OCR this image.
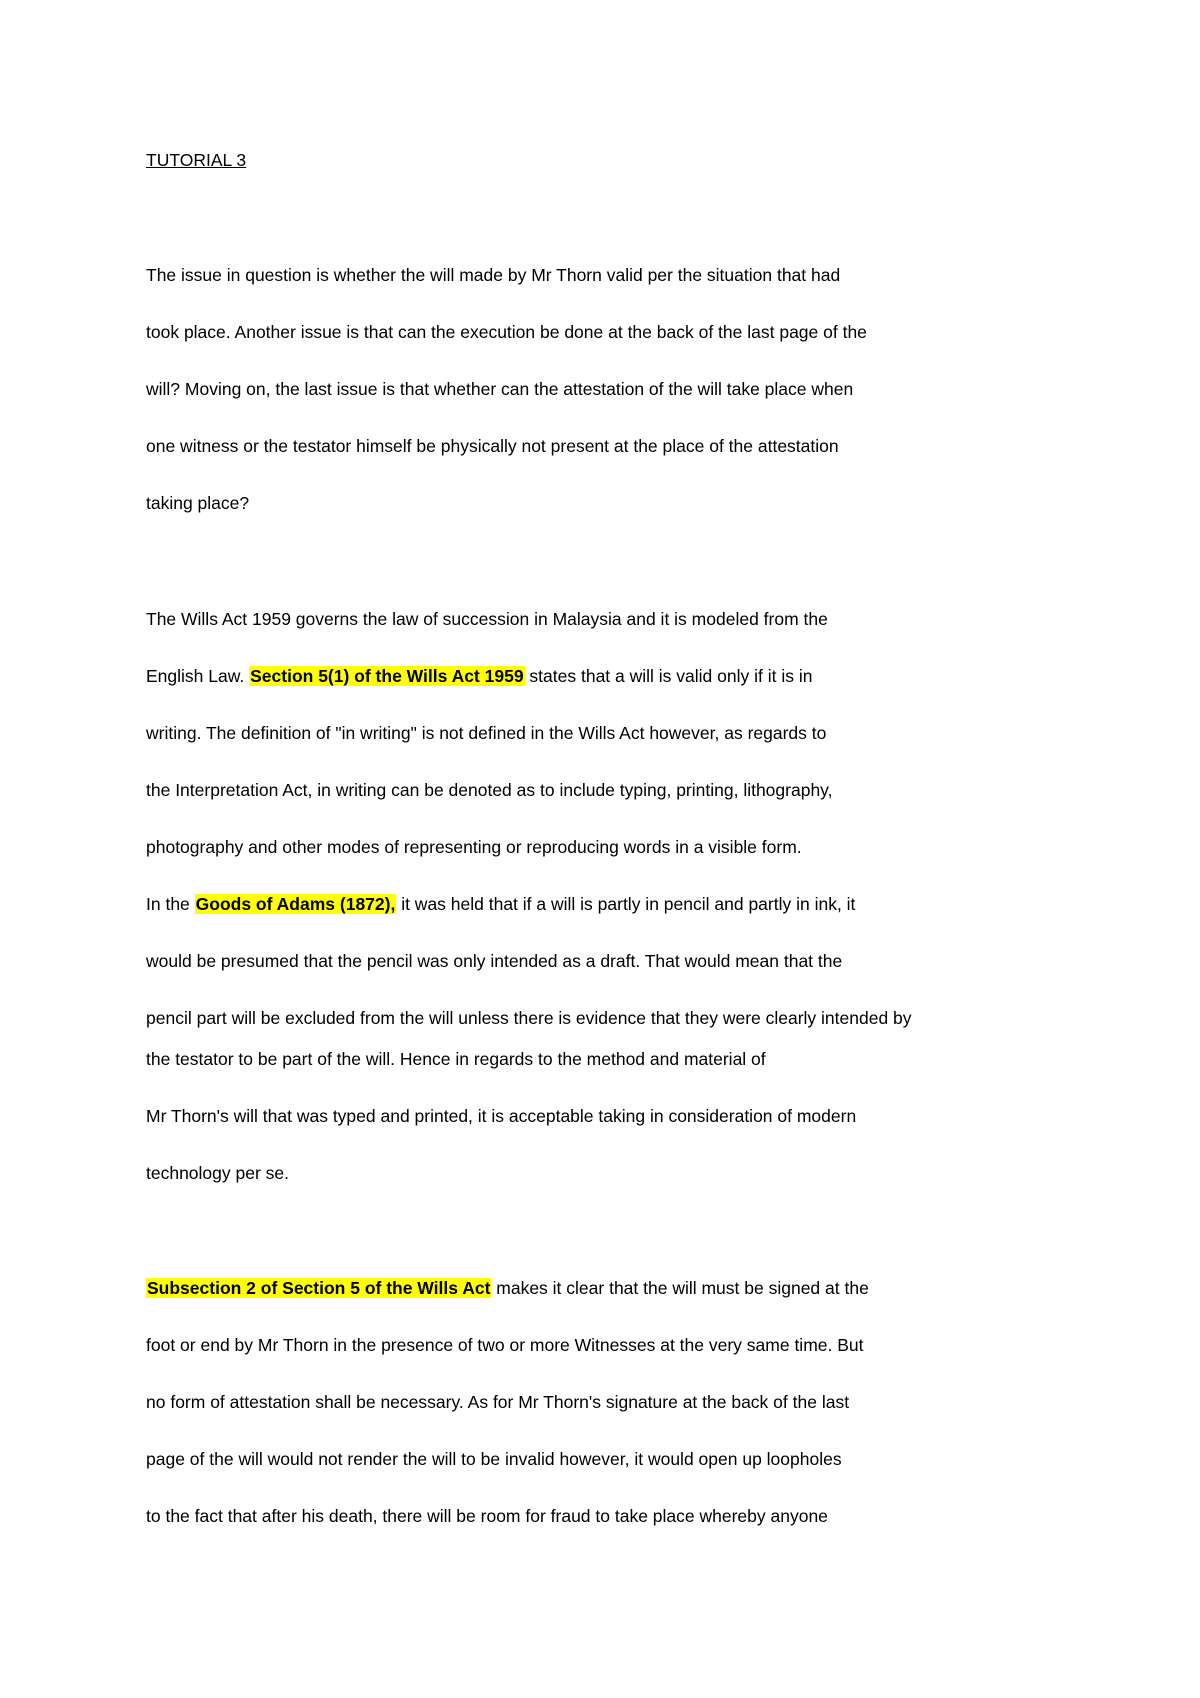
TUTORIAL 3
The issue in question is whether the will made by Mr Thorn valid per the situation that had
took place. Another issue is that can the execution be done at the back of the last page of the
will? Moving on, the last issue is that whether can the attestation of the will take place when
one witness or the testator himself be physically not present at the place of the attestation
taking place?
The Wills Act 1959 governs the law of succession in Malaysia and it is modeled from the
English Law. Section 5(1) of the Wills Act 1959 states that a will is valid only if it is in
writing. The definition of "in writing" is not defined in the Wills Act however, as regards to
the Interpretation Act, in writing can be denoted as to include typing, printing, lithography,
photography and other modes of representing or reproducing words in a visible form.
In the Goods of Adams (1872), it was held that if a will is partly in pencil and partly in ink, it
would be presumed that the pencil was only intended as a draft. That would mean that the
pencil part will be excluded from the will unless there is evidence that they were clearly intended by
the testator to be part of the will. Hence in regards to the method and material of
Mr Thorn's will that was typed and printed, it is acceptable taking in consideration of modern
technology per se.
Subsection 2 of Section 5 of the Wills Act makes it clear that the will must be signed at the
foot or end by Mr Thorn in the presence of two or more Witnesses at the very same time. But
no form of attestation shall be necessary. As for Mr Thorn's signature at the back of the last
page of the will would not render the will to be invalid however, it would open up loopholes
to the fact that after his death, there will be room for fraud to take place whereby anyone
